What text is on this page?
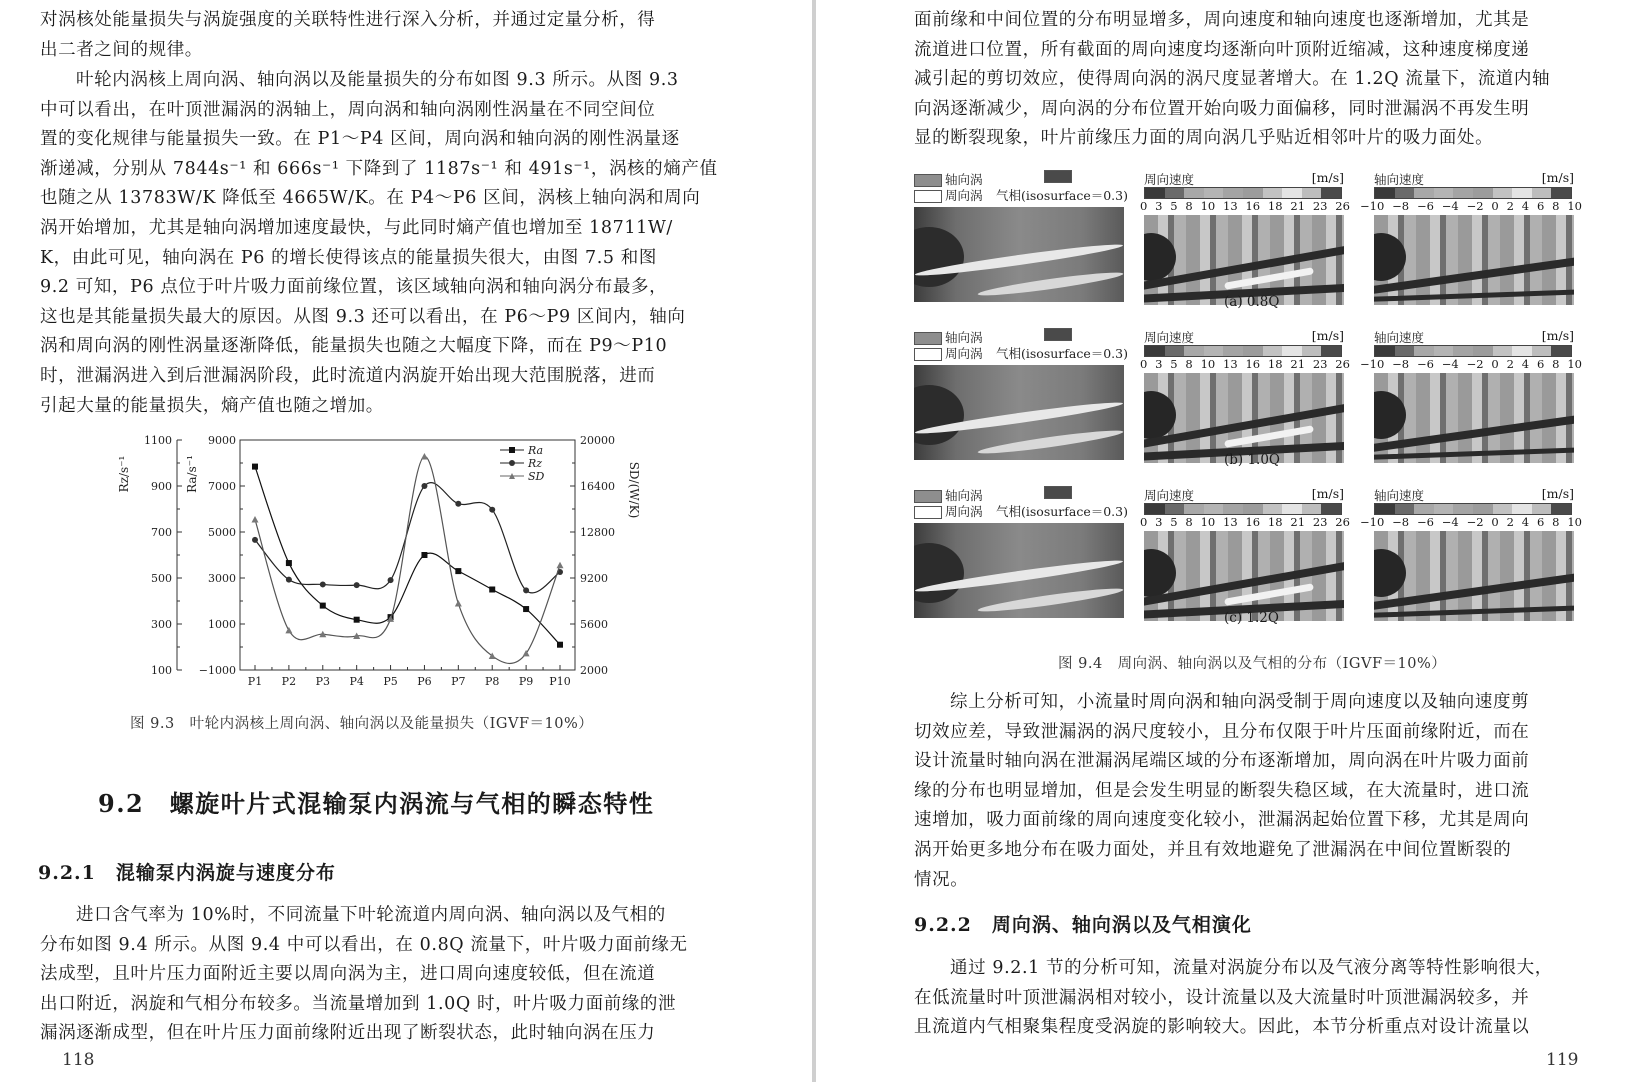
对涡核处能量损失与涡旋强度的关联特性进行深入分析，并通过定量分析，得
出二者之间的规律。
叶轮内涡核上周向涡、轴向涡以及能量损失的分布如图 9.3 所示。从图 9.3
中可以看出，在叶顶泄漏涡的涡轴上，周向涡和轴向涡刚性涡量在不同空间位
置的变化规律与能量损失一致。在 P1～P4 区间，周向涡和轴向涡的刚性涡量逐
渐递减，分别从 7844s⁻¹ 和 666s⁻¹ 下降到了 1187s⁻¹ 和 491s⁻¹，涡核的熵产值
也随之从 13783W/K 降低至 4665W/K。在 P4～P6 区间，涡核上轴向涡和周向
涡开始增加，尤其是轴向涡增加速度最快，与此同时熵产值也增加至 18711W/
K，由此可见，轴向涡在 P6 的增长使得该点的能量损失很大，由图 7.5 和图
9.2 可知，P6 点位于叶片吸力面前缘位置，该区域轴向涡和轴向涡分布最多，
这也是其能量损失最大的原因。从图 9.3 还可以看出，在 P6～P9 区间内，轴向
涡和周向涡的刚性涡量逐渐降低，能量损失也随之大幅度下降，而在 P9～P10
时，泄漏涡进入到后泄漏涡阶段，此时流道内涡旋开始出现大范围脱落，进而
引起大量的能量损失，熵产值也随之增加。
Rz/s⁻¹	Ra/s⁻¹	SD/(W/K)
100
300
500
700
900
1100
−1000
1000
3000
5000
7000
9000
2000
5600
9200
12800
16400
20000
P1 P2 P3 P4 P5 P6 P7 P8 P9 P10
Ra
Rz
SD
图 9.3　叶轮内涡核上周向涡、轴向涡以及能量损失（IGVF＝10%）
9.2　螺旋叶片式混输泵内涡流与气相的瞬态特性
9.2.1　混输泵内涡旋与速度分布
进口含气率为 10%时，不同流量下叶轮流道内周向涡、轴向涡以及气相的
分布如图 9.4 所示。从图 9.4 中可以看出，在 0.8Q 流量下，叶片吸力面前缘无
法成型，且叶片压力面附近主要以周向涡为主，进口周向速度较低，但在流道
出口附近，涡旋和气相分布较多。当流量增加到 1.0Q 时，叶片吸力面前缘的泄
漏涡逐渐成型，但在叶片压力面前缘附近出现了断裂状态，此时轴向涡在压力
118
面前缘和中间位置的分布明显增多，周向速度和轴向速度也逐渐增加，尤其是
流道进口位置，所有截面的周向速度均逐渐向叶顶附近缩减，这种速度梯度递
减引起的剪切效应，使得周向涡的涡尺度显著增大。在 1.2Q 流量下，流道内轴
向涡逐渐减少，周向涡的分布位置开始向吸力面偏移，同时泄漏涡不再发生明
显的断裂现象，叶片前缘压力面的周向涡几乎贴近相邻叶片的吸力面处。
轴向涡
周向涡 气相(isosurface＝0.3)
周向速度	[m/s]
0 3 5 8 10 13 16 18 21 23 26
轴向速度	[m/s]
−10 −8 −6 −4 −2 0 2 4 6 8 10
(a) 0.8Q
轴向涡
周向涡 气相(isosurface＝0.3)
周向速度	[m/s]
0 3 5 8 10 13 16 18 21 23 26
轴向速度	[m/s]
−10 −8 −6 −4 −2 0 2 4 6 8 10
(b) 1.0Q
轴向涡
周向涡 气相(isosurface＝0.3)
周向速度	[m/s]
0 3 5 8 10 13 16 18 21 23 26
轴向速度	[m/s]
−10 −8 −6 −4 −2 0 2 4 6 8 10
(c) 1.2Q
图 9.4　周向涡、轴向涡以及气相的分布（IGVF＝10%）
综上分析可知，小流量时周向涡和轴向涡受制于周向速度以及轴向速度剪
切效应差，导致泄漏涡的涡尺度较小，且分布仅限于叶片压面前缘附近，而在
设计流量时轴向涡在泄漏涡尾端区域的分布逐渐增加，周向涡在叶片吸力面前
缘的分布也明显增加，但是会发生明显的断裂失稳区域，在大流量时，进口流
速增加，吸力面前缘的周向速度变化较小，泄漏涡起始位置下移，尤其是周向
涡开始更多地分布在吸力面处，并且有效地避免了泄漏涡在中间位置断裂的
情况。
9.2.2　周向涡、轴向涡以及气相演化
通过 9.2.1 节的分析可知，流量对涡旋分布以及气液分离等特性影响很大，
在低流量时叶顶泄漏涡相对较小，设计流量以及大流量时叶顶泄漏涡较多，并
且流道内气相聚集程度受涡旋的影响较大。因此，本节分析重点对设计流量以
119
